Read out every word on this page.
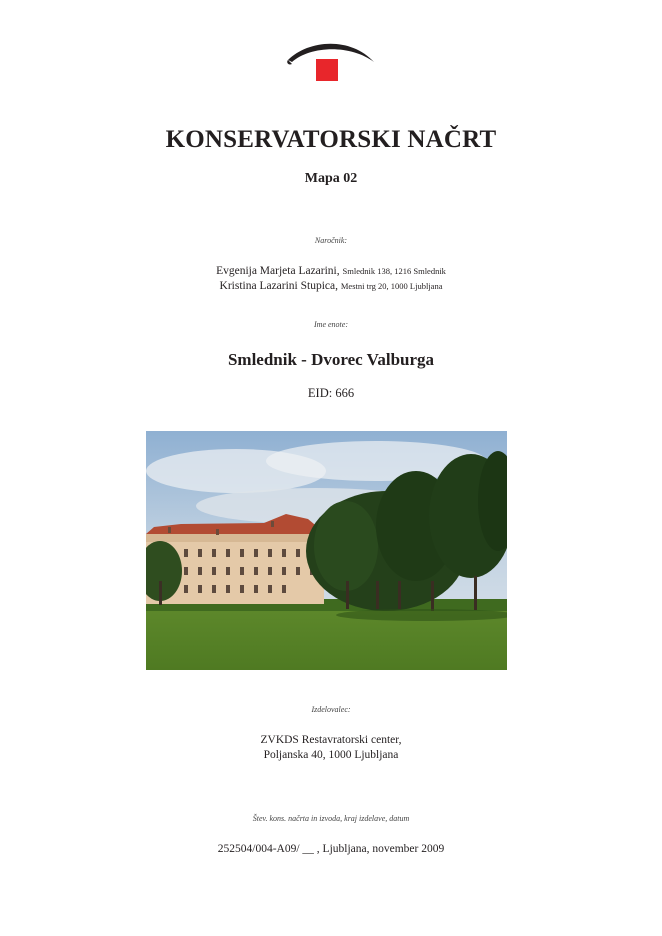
KONSERVATORSKI NAČRT
Mapa 02
Naročnik:
Evgenija Marjeta Lazarini, Smlednik 138, 1216 Smlednik
Kristina Lazarini Stupica, Mestni trg 20, 1000 Ljubljana
Ime enote:
Smlednik - Dvorec Valburga
EID: 666
Izdelovalec:
ZVKDS Restavratorski center,
Poljanska 40, 1000 Ljubljana
Štev. kons. načrta in izvoda, kraj izdelave, datum
252504/004-A09/ __ , Ljubljana, november 2009
